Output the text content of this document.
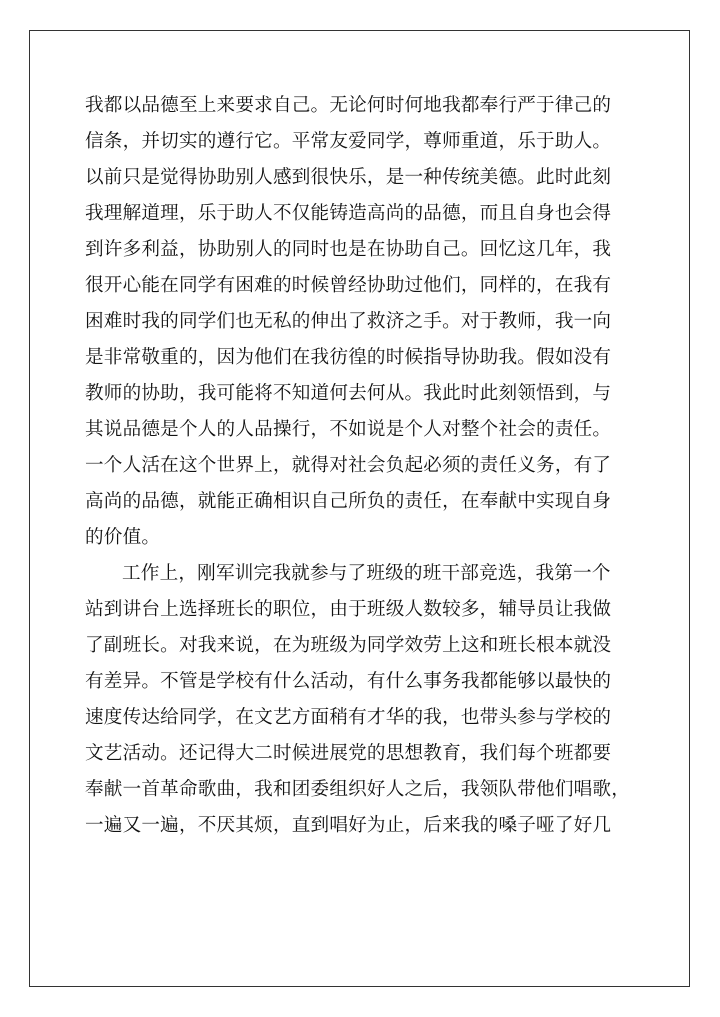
我都以品德至上来要求自己。无论何时何地我都奉行严于律己的
信条，并切实的遵行它。平常友爱同学，尊师重道，乐于助人。
以前只是觉得协助别人感到很快乐，是一种传统美德。此时此刻
我理解道理，乐于助人不仅能铸造高尚的品德，而且自身也会得
到许多利益，协助别人的同时也是在协助自己。回忆这几年，我
很开心能在同学有困难的时候曾经协助过他们，同样的，在我有
困难时我的同学们也无私的伸出了救济之手。对于教师，我一向
是非常敬重的，因为他们在我彷徨的时候指导协助我。假如没有
教师的协助，我可能将不知道何去何从。我此时此刻领悟到，与
其说品德是个人的人品操行，不如说是个人对整个社会的责任。
一个人活在这个世界上，就得对社会负起必须的责任义务，有了
高尚的品德，就能正确相识自己所负的责任，在奉献中实现自身
的价值。
工作上，刚军训完我就参与了班级的班干部竞选，我第一个
站到讲台上选择班长的职位，由于班级人数较多，辅导员让我做
了副班长。对我来说，在为班级为同学效劳上这和班长根本就没
有差异。不管是学校有什么活动，有什么事务我都能够以最快的
速度传达给同学，在文艺方面稍有才华的我，也带头参与学校的
文艺活动。还记得大二时候进展党的思想教育，我们每个班都要
奉献一首革命歌曲，我和团委组织好人之后，我领队带他们唱歌，
一遍又一遍，不厌其烦，直到唱好为止，后来我的嗓子哑了好几
